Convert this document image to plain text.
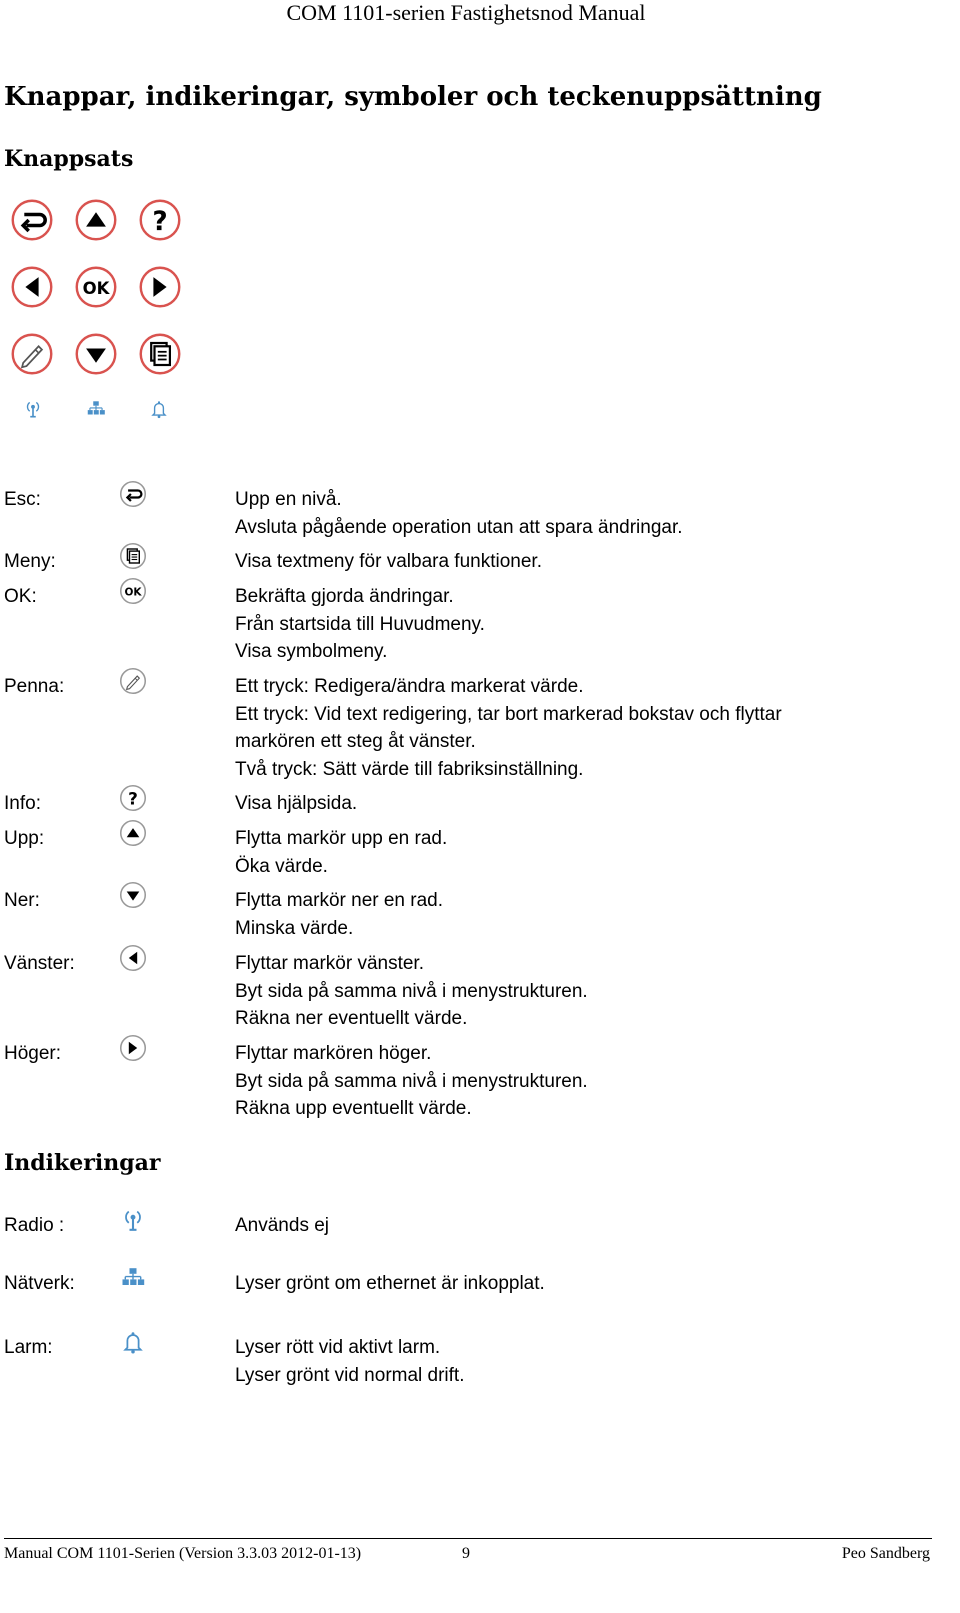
COM 1101-serien Fastighetsnod Manual
Knappar, indikeringar, symboler och teckenuppsättning
Knappsats
?
OK
Esc:	Upp en nivå.
Avsluta pågående operation utan att spara ändringar.
Meny:	Visa textmeny för valbara funktioner.
OK:	OK	Bekräfta gjorda ändringar.
Från startsida till Huvudmeny.
Visa symbolmeny.
Penna:	Ett tryck: Redigera/ändra markerat värde.
Ett tryck: Vid text redigering, tar bort markerad bokstav och flyttar
markören ett steg åt vänster.
Två tryck: Sätt värde till fabriksinställning.
Info:	?	Visa hjälpsida.
Upp:	Flytta markör upp en rad.
Öka värde.
Ner:	Flytta markör ner en rad.
Minska värde.
Vänster:	Flyttar markör vänster.
Byt sida på samma nivå i menystrukturen.
Räkna ner eventuellt värde.
Höger:	Flyttar markören höger.
Byt sida på samma nivå i menystrukturen.
Räkna upp eventuellt värde.
Indikeringar
Radio :	Används ej
Nätverk:	Lyser grönt om ethernet är inkopplat.
Larm:	Lyser rött vid aktivt larm.
Lyser grönt vid normal drift.
Manual COM 1101-Serien (Version 3.3.03 2012-01-13)	9	Peo Sandberg
